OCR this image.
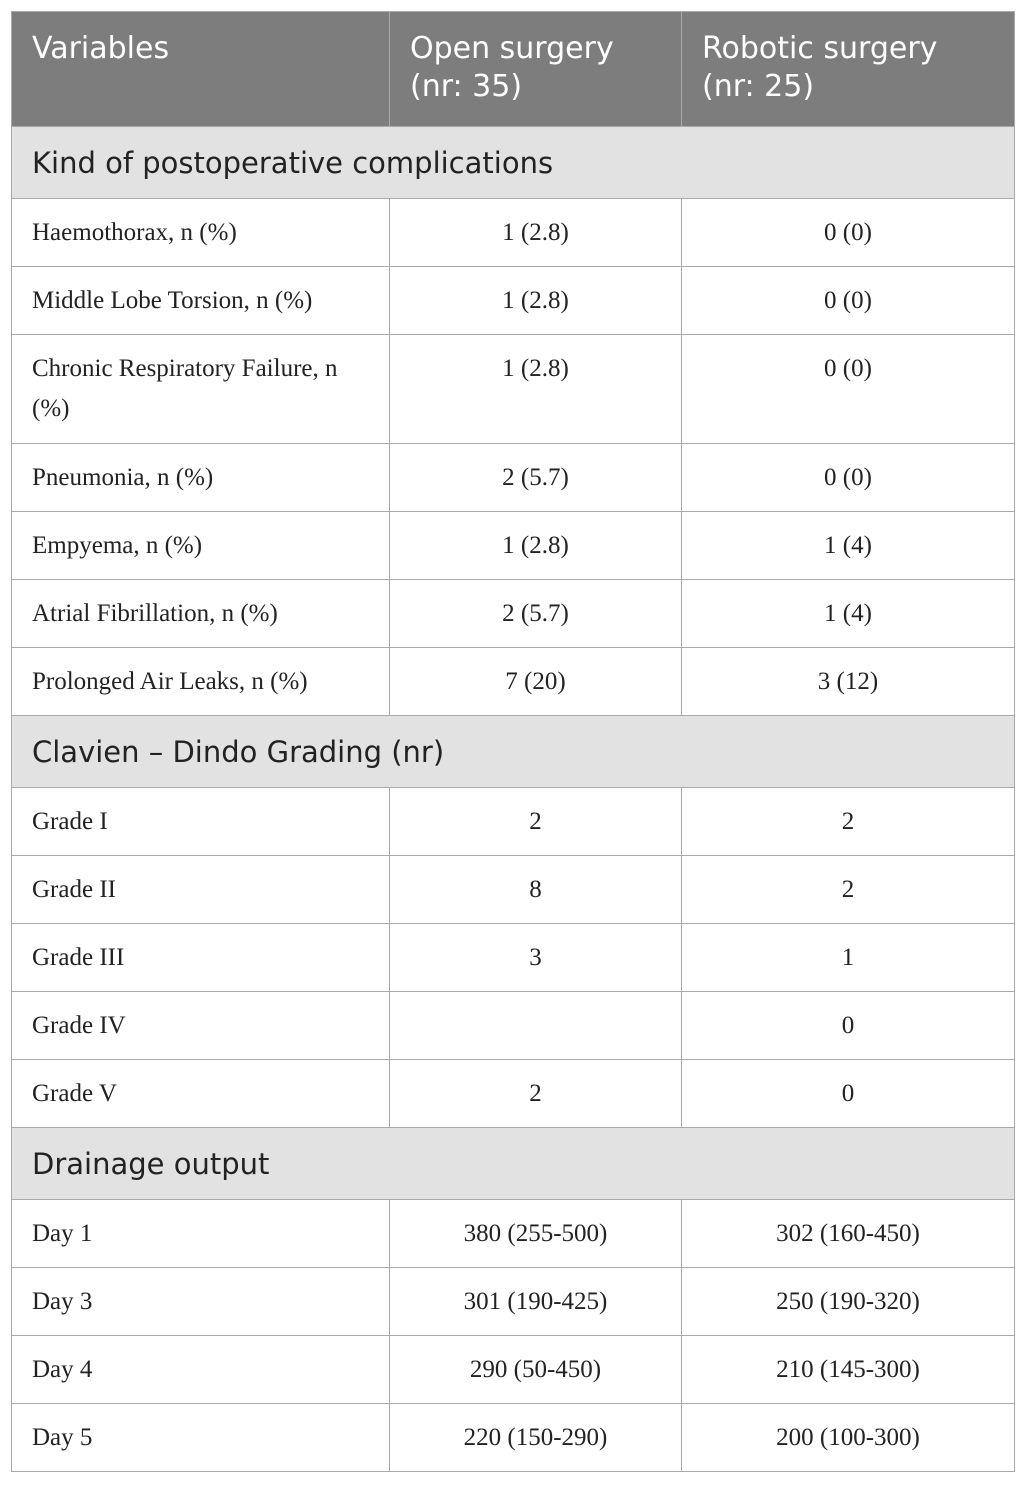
Variables	Open surgery (nr: 35)	Robotic surgery (nr: 25)
Kind of postoperative complications		
Haemothorax, n (%)	1 (2.8)	0 (0)
Middle Lobe Torsion, n (%)	1 (2.8)	0 (0)
Chronic Respiratory Failure, n (%)	1 (2.8)	0 (0)
Pneumonia, n (%)	2 (5.7)	0 (0)
Empyema, n (%)	1 (2.8)	1 (4)
Atrial Fibrillation, n (%)	2 (5.7)	1 (4)
Prolonged Air Leaks, n (%)	7 (20)	3 (12)
Clavien – Dindo Grading (nr)		
Grade I	2	2
Grade II	8	2
Grade III	3	1
Grade IV		0
Grade V	2	0
Drainage output		
Day 1	380 (255-500)	302 (160-450)
Day 3	301 (190-425)	250 (190-320)
Day 4	290 (50-450)	210 (145-300)
Day 5	220 (150-290)	200 (100-300)
